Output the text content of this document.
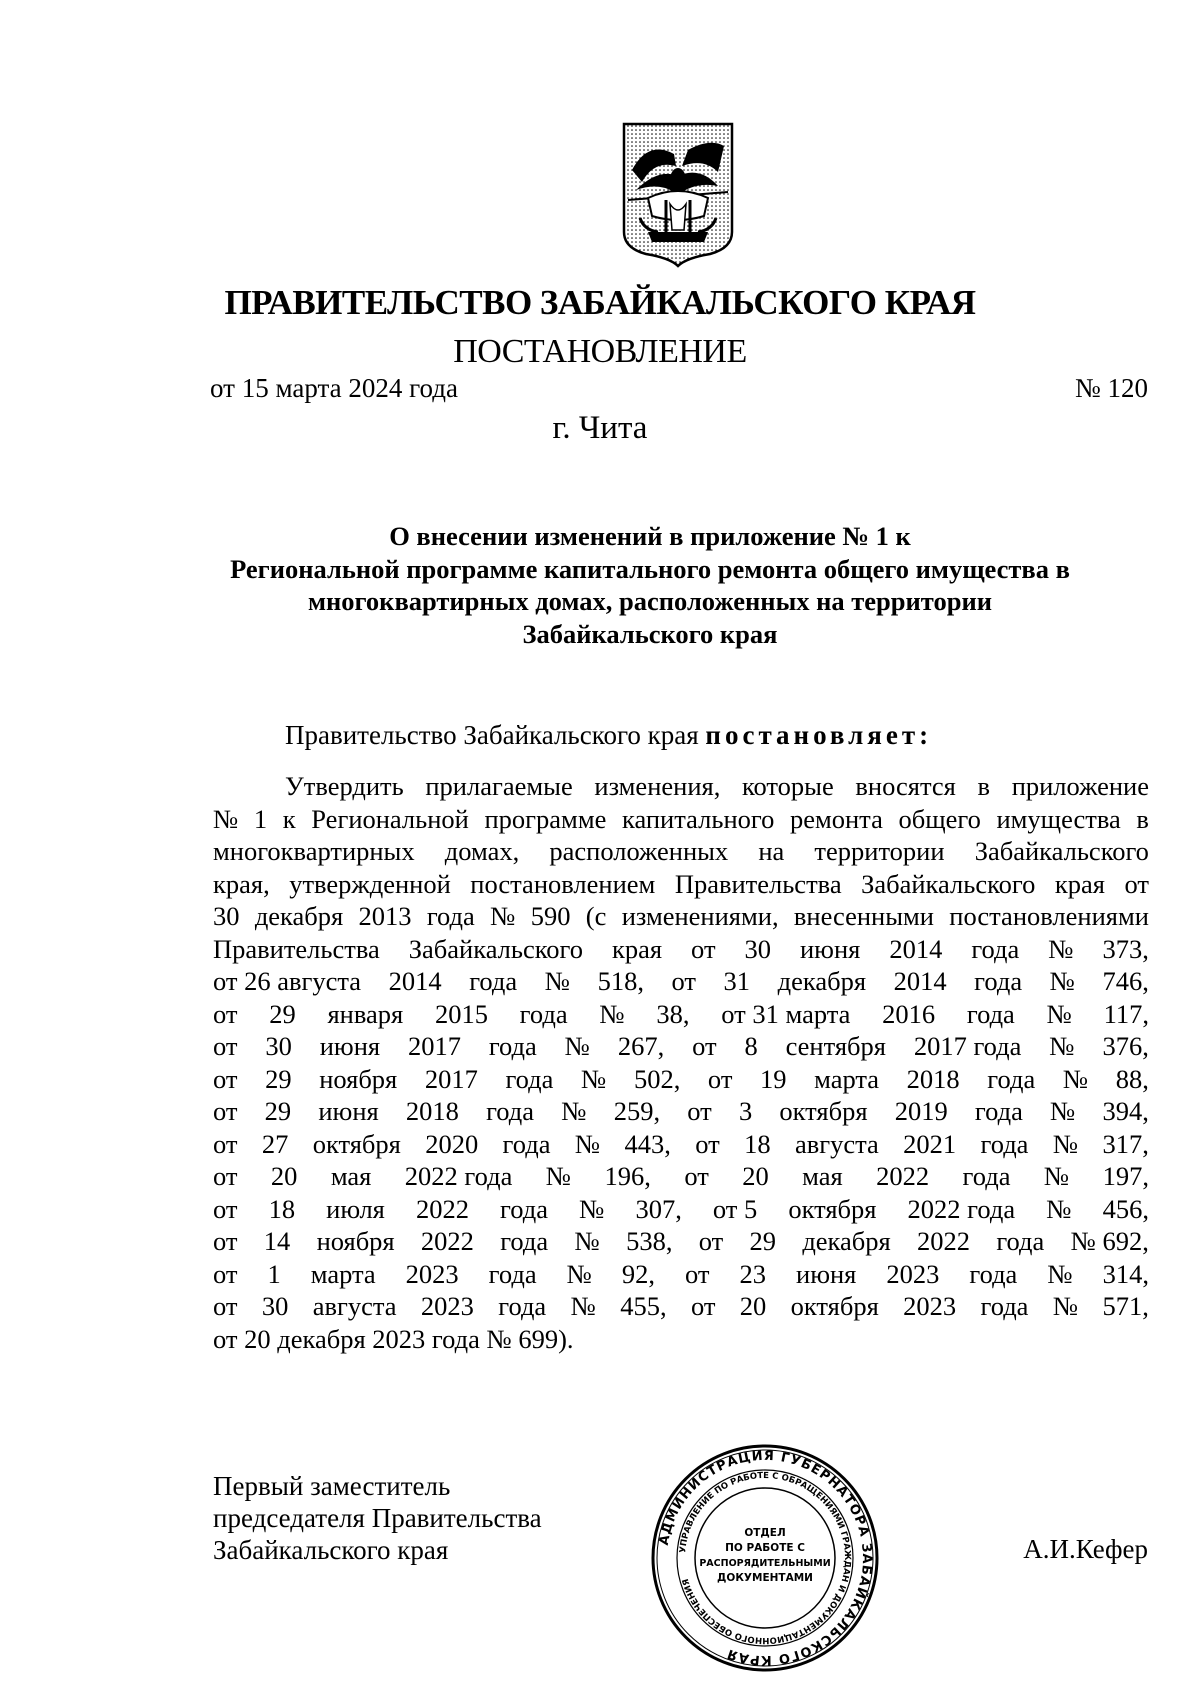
ПРАВИТЕЛЬСТВО ЗАБАЙКАЛЬСКОГО КРАЯ
ПОСТАНОВЛЕНИЕ
от 15 марта 2024 года	№ 120
г. Чита
О внесении изменений в приложение № 1 к
Региональной программе капитального ремонта общего имущества в
многоквартирных домах, расположенных на территории
Забайкальского края
Правительство Забайкальского края постановляет:
Утвердить прилагаемые изменения, которые вносятся в приложение
№ 1 к Региональной программе капитального ремонта общего имущества в
многоквартирных домах, расположенных на территории Забайкальского
края, утвержденной постановлением Правительства Забайкальского края от
30 декабря 2013 года № 590 (с изменениями, внесенными постановлениями
Правительства Забайкальского края от 30 июня 2014 года № 373,
от 26 августа 2014 года № 518, от 31 декабря 2014 года № 746,
от 29 января 2015 года № 38, от 31 марта 2016 года № 117,
от 30 июня 2017 года № 267, от 8 сентября 2017 года № 376,
от 29 ноября 2017 года № 502, от 19 марта 2018 года № 88,
от 29 июня 2018 года № 259, от 3 октября 2019 года № 394,
от 27 октября 2020 года № 443, от 18 августа 2021 года № 317,
от 20 мая 2022 года № 196, от 20 мая 2022 года № 197,
от 18 июля 2022 года № 307, от 5 октября 2022 года № 456,
от 14 ноября 2022 года № 538, от 29 декабря 2022 года № 692,
от 1 марта 2023 года № 92, от 23 июня 2023 года № 314,
от 30 августа 2023 года № 455, от 20 октября 2023 года № 571,
от 20 декабря 2023 года № 699).
Первый заместитель
председателя Правительства
Забайкальского края	АДМИНИСТРАЦИЯ ГУБЕРНАТОРА ЗАБАЙКАЛЬСКОГО КРАЯ
УПРАВЛЕНИЕ ПО РАБОТЕ С ОБРАЩЕНИЯМИ ГРАЖДАН И ДОКУМЕНТАЦИОННОГО ОБЕСПЕЧЕНИЯ
ОТДЕЛ
ПО РАБОТЕ С
РАСПОРЯДИТЕЛЬНЫМИ
ДОКУМЕНТАМИ
А.И.Кефер
